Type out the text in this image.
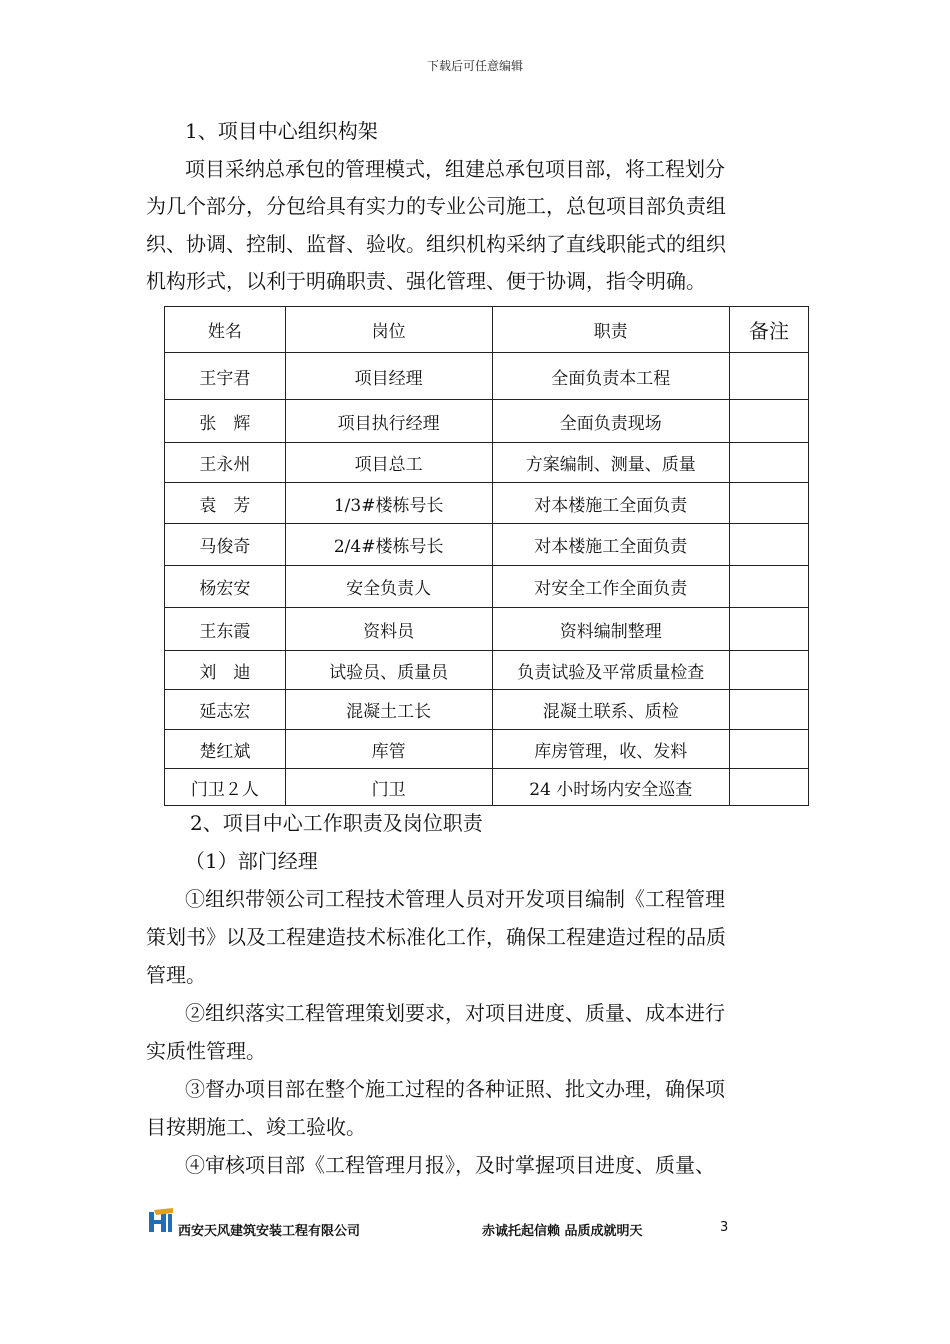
下载后可任意编辑
1、项目中心组织构架
项目采纳总承包的管理模式，组建总承包项目部，将工程划分
为几个部分，分包给具有实力的专业公司施工，总包项目部负责组
织、协调、控制、监督、验收。组织机构采纳了直线职能式的组织
机构形式，以利于明确职责、强化管理、便于协调，指令明确。
姓名	岗位	职责	备注
王宇君	项目经理	全面负责本工程	
张　辉	项目执行经理	全面负责现场	
王永州	项目总工	方案编制、测量、质量	
袁　芳	1/3#楼栋号长	对本楼施工全面负责	
马俊奇	2/4#楼栋号长	对本楼施工全面负责	
杨宏安	安全负责人	对安全工作全面负责	
王东霞	资料员	资料编制整理	
刘　迪	试验员、质量员	负责试验及平常质量检查	
延志宏	混凝土工长	混凝土联系、质检	
楚红斌	库管	库房管理，收、发料	
门卫２人	门卫	24 小时场内安全巡查	
2、项目中心工作职责及岗位职责
（1）部门经理
①组织带领公司工程技术管理人员对开发项目编制《工程管理
策划书》以及工程建造技术标准化工作，确保工程建造过程的品质
管理。
②组织落实工程管理策划要求，对项目进度、质量、成本进行
实质性管理。
③督办项目部在整个施工过程的各种证照、批文办理，确保项
目按期施工、竣工验收。
④审核项目部《工程管理月报》，及时掌握项目进度、质量、
西安天风建筑安装工程有限公司	赤诚托起信赖 品质成就明天	3
